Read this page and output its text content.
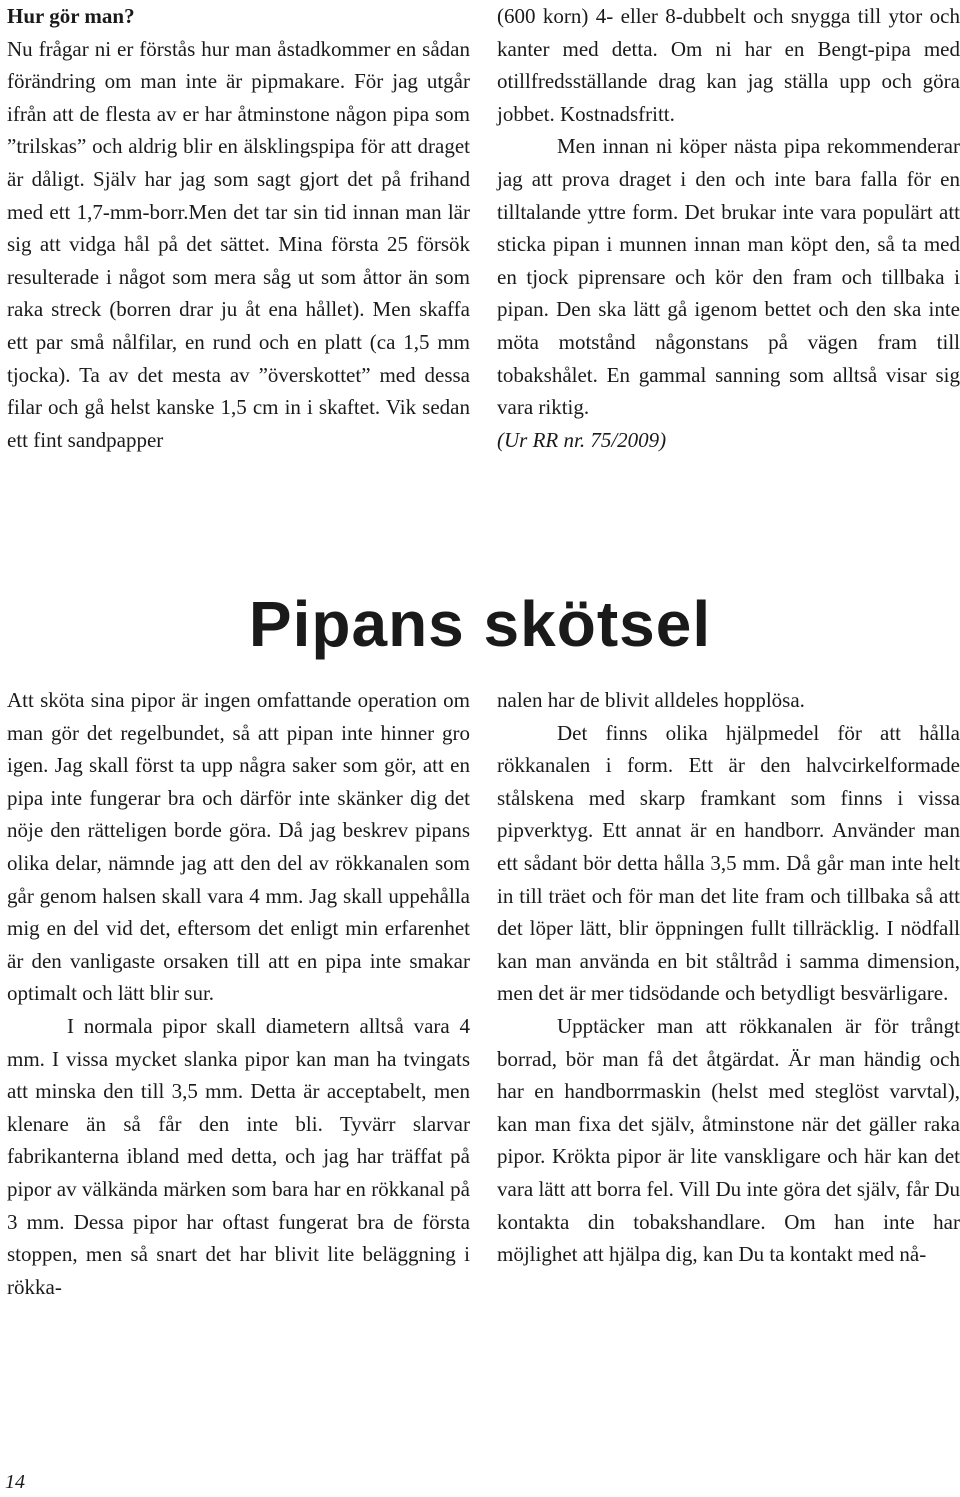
Hur gör man?

Nu frågar ni er förstås hur man åstadkommer en sådan förändring om man inte är pipmakare. För jag utgår ifrån att de flesta av er har åtminstone någon pipa som ”trilskas” och aldrig blir en älsklingspipa för att draget är dåligt. Själv har jag som sagt gjort det på frihand med ett 1,7-mm-borr.Men det tar sin tid innan man lär sig att vidga hål på det sättet. Mina första 25 försök resulterade i något som mera såg ut som åttor än som raka streck (borren drar ju åt ena hållet). Men skaffa ett par små nålfilar, en rund och en platt (ca 1,5 mm tjocka). Ta av det mesta av ”överskottet” med dessa filar och gå helst kanske 1,5 cm in i skaftet. Vik sedan ett fint sandpapper

(600 korn) 4- eller 8-dubbelt och snygga till ytor och kanter med detta. Om ni har en Bengt-pipa med otillfredsställande drag kan jag ställa upp och göra jobbet. Kostnadsfritt.

Men innan ni köper nästa pipa rekommenderar jag att prova draget i den och inte bara falla för en tilltalande yttre form. Det brukar inte vara populärt att sticka pipan i munnen innan man köpt den, så ta med en tjock piprensare och kör den fram och tillbaka i pipan. Den ska lätt gå igenom bettet och den ska inte möta motstånd någonstans på vägen fram till tobakshålet. En gammal sanning som alltså visar sig vara riktig.

(Ur RR nr. 75/2009)

Pipans skötsel

Att sköta sina pipor är ingen omfattande operation om man gör det regelbundet, så att pipan inte hinner gro igen. Jag skall först ta upp några saker som gör, att en pipa inte fungerar bra och därför inte skänker dig det nöje den rätteligen borde göra. Då jag beskrev pipans olika delar, nämnde jag att den del av rökkanalen som går genom halsen skall vara 4 mm. Jag skall uppehålla mig en del vid det, eftersom det enligt min erfarenhet är den vanligaste orsaken till att en pipa inte smakar optimalt och lätt blir sur.

I normala pipor skall diametern alltså vara 4 mm. I vissa mycket slanka pipor kan man ha tvingats att minska den till 3,5 mm. Detta är acceptabelt, men klenare än så får den inte bli. Tyvärr slarvar fabrikanterna ibland med detta, och jag har träffat på pipor av välkända märken som bara har en rökkanal på 3 mm. Dessa pipor har oftast fungerat bra de första stoppen, men så snart det har blivit lite beläggning i rökka-

nalen har de blivit alldeles hopplösa.

Det finns olika hjälpmedel för att hålla rökkanalen i form. Ett är den halvcirkelformade stålskena med skarp framkant som finns i vissa pipverktyg. Ett annat är en handborr. Använder man ett sådant bör detta hålla 3,5 mm. Då går man inte helt in till träet och för man det lite fram och tillbaka så att det löper lätt, blir öppningen fullt tillräcklig. I nödfall kan man använda en bit ståltråd i samma dimension, men det är mer tidsödande och betydligt besvärligare.

Upptäcker man att rökkanalen är för trångt borrad, bör man få det åtgärdat. Är man händig och har en handborrmaskin (helst med steglöst varvtal), kan man fixa det själv, åtminstone när det gäller raka pipor. Krökta pipor är lite vanskligare och här kan det vara lätt att borra fel. Vill Du inte göra det själv, får Du kontakta din tobakshandlare. Om han inte har möjlighet att hjälpa dig, kan Du ta kontakt med nå-

14
